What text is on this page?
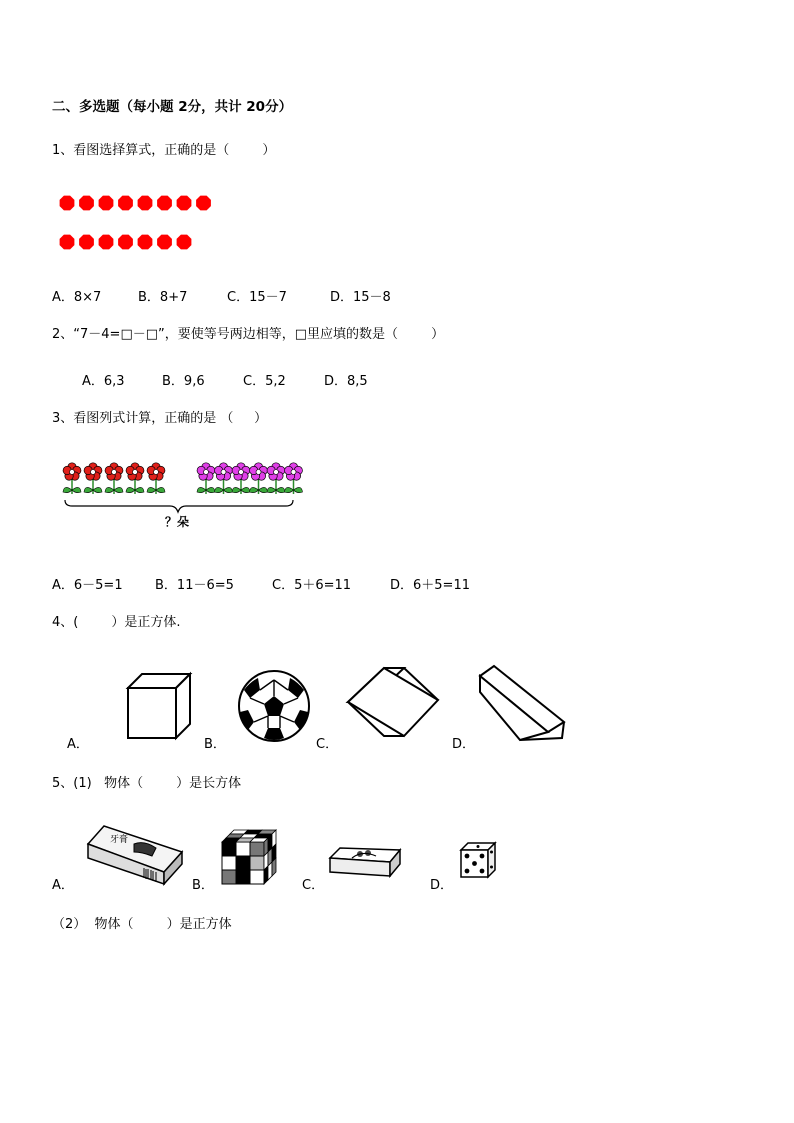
二、多选题（每小题 2分，共计 20分）
1、看图选择算式，正确的是（        ）
A．8×7	B．8+7	C．15－7	D．15－8
2、“7－4=□－□”，要使等号两边相等，□里应填的数是（        ）
A．6,3	B．9,6	C．5,2	D．8,5
3、看图列式计算，正确的是 （     ）
？朵
A．6－5=1 B．11－6=5	C．5＋6=11	D．6＋5=11
4、(        ）是正方体.
A．	B．	C．	D．
5、(1)   物体（        ）是长方体
A．
牙膏
B．	C．	D．
（2）  物体（        ）是正方体
